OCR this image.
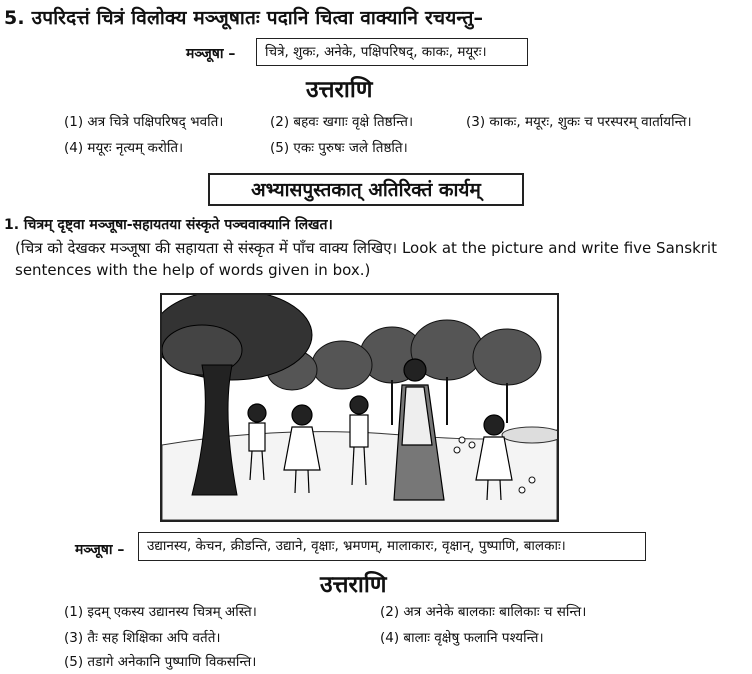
5. उपरिदत्तं चित्रं विलोक्य मञ्जूषातः पदानि चित्वा वाक्यानि रचयन्तु–
मञ्जूषा –	चित्रे, शुकः, अनेके, पक्षिपरिषद्, काकः, मयूरः।
उत्तराणि
(1) अत्र चित्रे पक्षिपरिषद् भवति।	(2) बहवः खगाः वृक्षे तिष्ठन्ति।	(3) काकः, मयूरः, शुकः च परस्परम् वार्तायन्ति।
(4) मयूरः नृत्यम् करोति।	(5) एकः पुरुषः जले तिष्ठति।
अभ्यासपुस्तकात् अतिरिक्तं कार्यम्
1. चित्रम् दृष्ट्वा मञ्जूषा-सहायतया संस्कृते पञ्चवाक्यानि लिखत।
(चित्र को देखकर मञ्जूषा की सहायता से संस्कृत में पाँच वाक्य लिखिए। Look at the picture and write five Sanskrit sentences with the help of words given in box.)
मञ्जूषा –	उद्यानस्य, केचन, क्रीडन्ति, उद्याने, वृक्षाः, भ्रमणम्, मालाकारः, वृक्षान्, पुष्पाणि, बालकाः।
उत्तराणि
(1) इदम् एकस्य उद्यानस्य चित्रम् अस्ति।	(2) अत्र अनेके बालकाः बालिकाः च सन्ति।
(3) तैः सह शिक्षिका अपि वर्तते।	(4) बालाः वृक्षेषु फलानि पश्यन्ति।
(5) तडागे अनेकानि पुष्पाणि विकसन्ति।
